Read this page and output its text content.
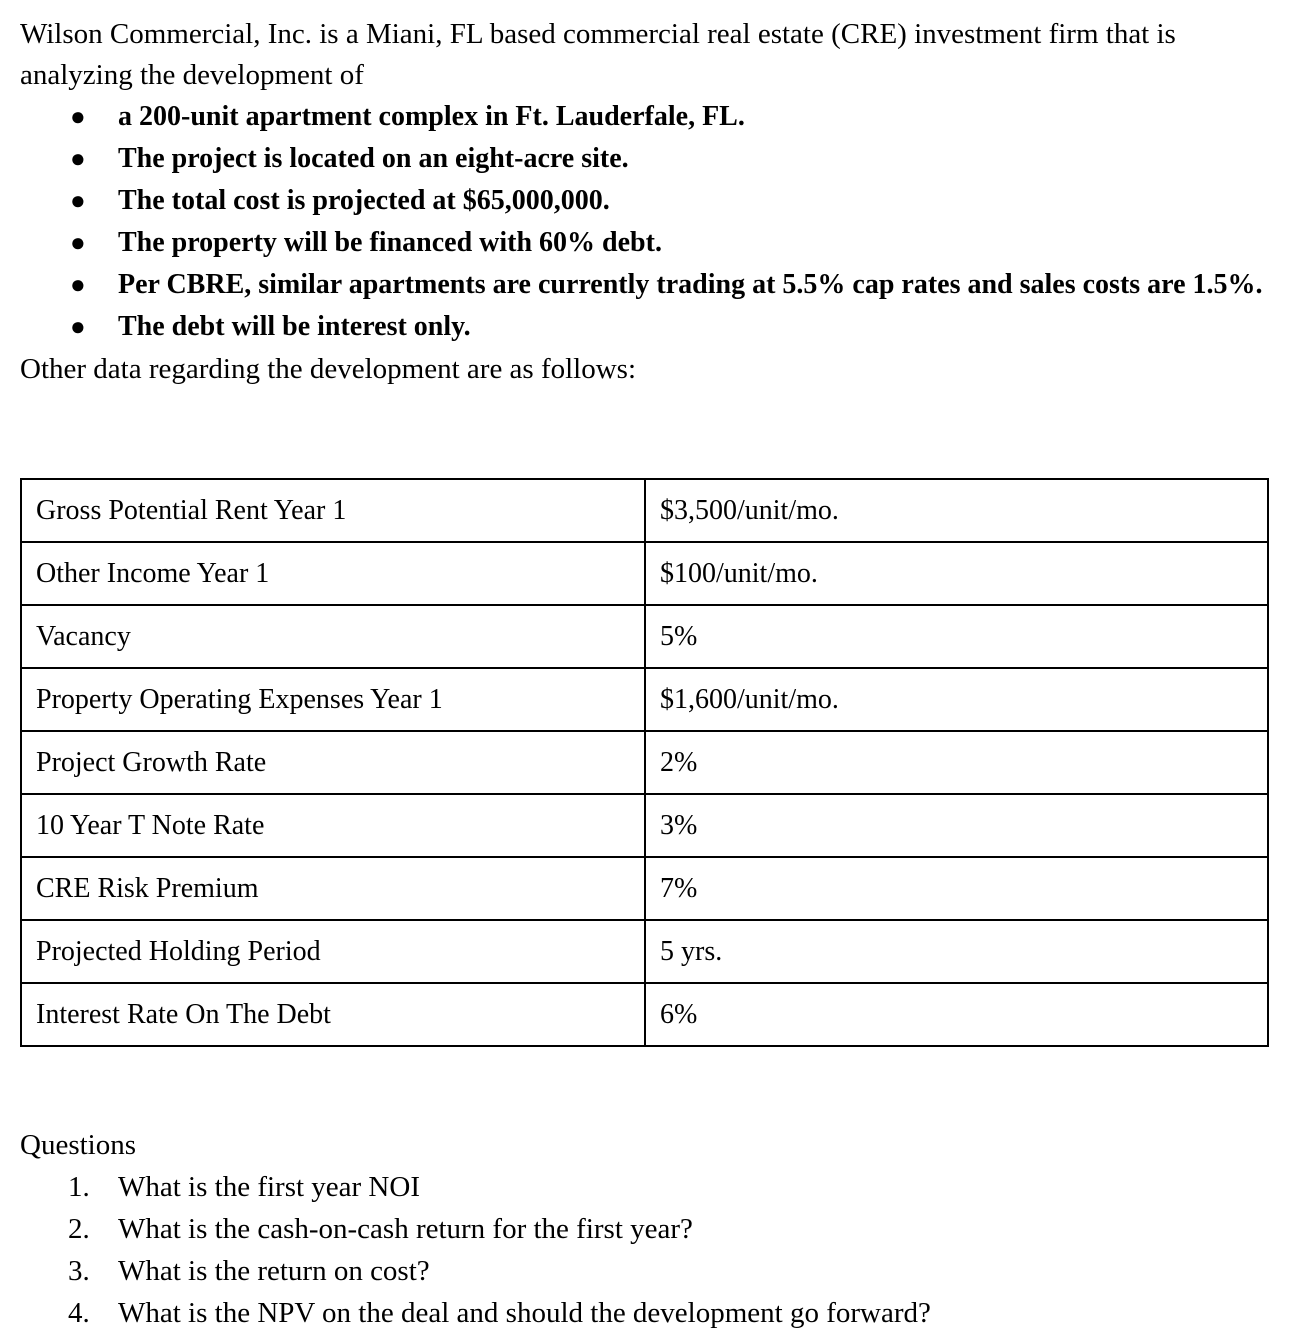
Wilson Commercial, Inc. is a Miani, FL based commercial real estate (CRE) investment firm that is analyzing the development of

● a 200-unit apartment complex in Ft. Lauderfale, FL.
● The project is located on an eight-acre site.
● The total cost is projected at $65,000,000.
● The property will be financed with 60% debt.
● Per CBRE, similar apartments are currently trading at 5.5% cap rates and sales costs are 1.5%.
● The debt will be interest only.

Other data regarding the development are as follows:

Gross Potential Rent Year 1	$3,500/unit/mo.
Other Income Year 1	$100/unit/mo.
Vacancy	5%
Property Operating Expenses Year 1	$1,600/unit/mo.
Project Growth Rate	2%
10 Year T Note Rate	3%
CRE Risk Premium	7%
Projected Holding Period	5 yrs.
Interest Rate On The Debt	6%
Questions
1. What is the first year NOI
2. What is the cash-on-cash return for the first year?
3. What is the return on cost?
4. What is the NPV on the deal and should the development go forward?
